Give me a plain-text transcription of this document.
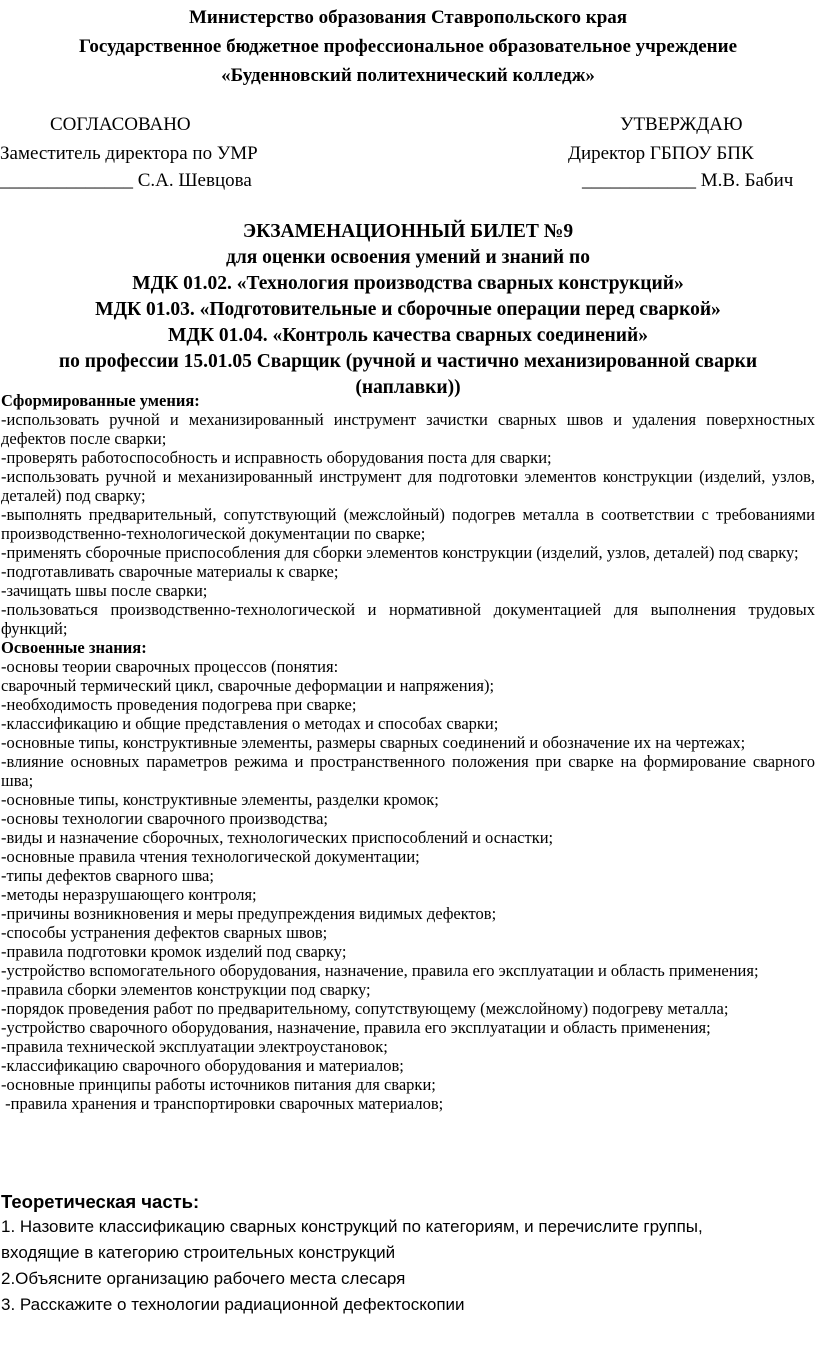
Министерство образования Ставропольского края
Государственное бюджетное профессиональное образовательное учреждение
«Буденновский политехнический колледж»
СОГЛАСОВАНО
Заместитель директора по УМР
______________ С.А. Шевцова
УТВЕРЖДАЮ
Директор ГБПОУ БПК
____________ М.В. Бабич
ЭКЗАМЕНАЦИОННЫЙ БИЛЕТ №9
для оценки освоения умений и знаний по
МДК 01.02. «Технология производства сварных конструкций»
МДК 01.03. «Подготовительные и сборочные операции перед сваркой»
МДК 01.04. «Контроль качества сварных соединений»
по профессии 15.01.05 Сварщик (ручной и частично механизированной сварки
(наплавки))
Сформированные умения:
-использовать ручной и механизированный инструмент зачистки сварных швов и удаления поверхностных дефектов после сварки;
-проверять работоспособность и исправность оборудования поста для сварки;
-использовать ручной и механизированный инструмент для подготовки элементов конструкции (изделий, узлов, деталей) под сварку;
-выполнять предварительный, сопутствующий (межслойный) подогрев металла в соответствии с требованиями производственно-технологической документации по сварке;
-применять сборочные приспособления для сборки элементов конструкции (изделий, узлов, деталей) под сварку;
-подготавливать сварочные материалы к сварке;
-зачищать швы после сварки;
-пользоваться производственно-технологической и нормативной документацией для выполнения трудовых функций;
Освоенные знания:
-основы теории сварочных процессов (понятия:
сварочный термический цикл, сварочные деформации и напряжения);
-необходимость проведения подогрева при сварке;
-классификацию и общие представления о методах и способах сварки;
-основные типы, конструктивные элементы, размеры сварных соединений и обозначение их на чертежах;
-влияние основных параметров режима и пространственного положения при сварке на формирование сварного шва;
-основные типы, конструктивные элементы, разделки кромок;
-основы технологии сварочного производства;
-виды и назначение сборочных, технологических приспособлений и оснастки;
-основные правила чтения технологической документации;
-типы дефектов сварного шва;
-методы неразрушающего контроля;
-причины возникновения и меры предупреждения видимых дефектов;
-способы устранения дефектов сварных швов;
-правила подготовки кромок изделий под сварку;
-устройство вспомогательного оборудования, назначение, правила его эксплуатации и область применения;
-правила сборки элементов конструкции под сварку;
-порядок проведения работ по предварительному, сопутствующему (межслойному) подогреву металла;
-устройство сварочного оборудования, назначение, правила его эксплуатации и область применения;
-правила технической эксплуатации электроустановок;
-классификацию сварочного оборудования и материалов;
-основные принципы работы источников питания для сварки;
-правила хранения и транспортировки сварочных материалов;
Теоретическая часть:
1. Назовите классификацию сварных конструкций по категориям, и перечислите группы,
входящие в категорию строительных конструкций
2.Объясните организацию рабочего места слесаря
3. Расскажите о технологии радиационной дефектоскопии
